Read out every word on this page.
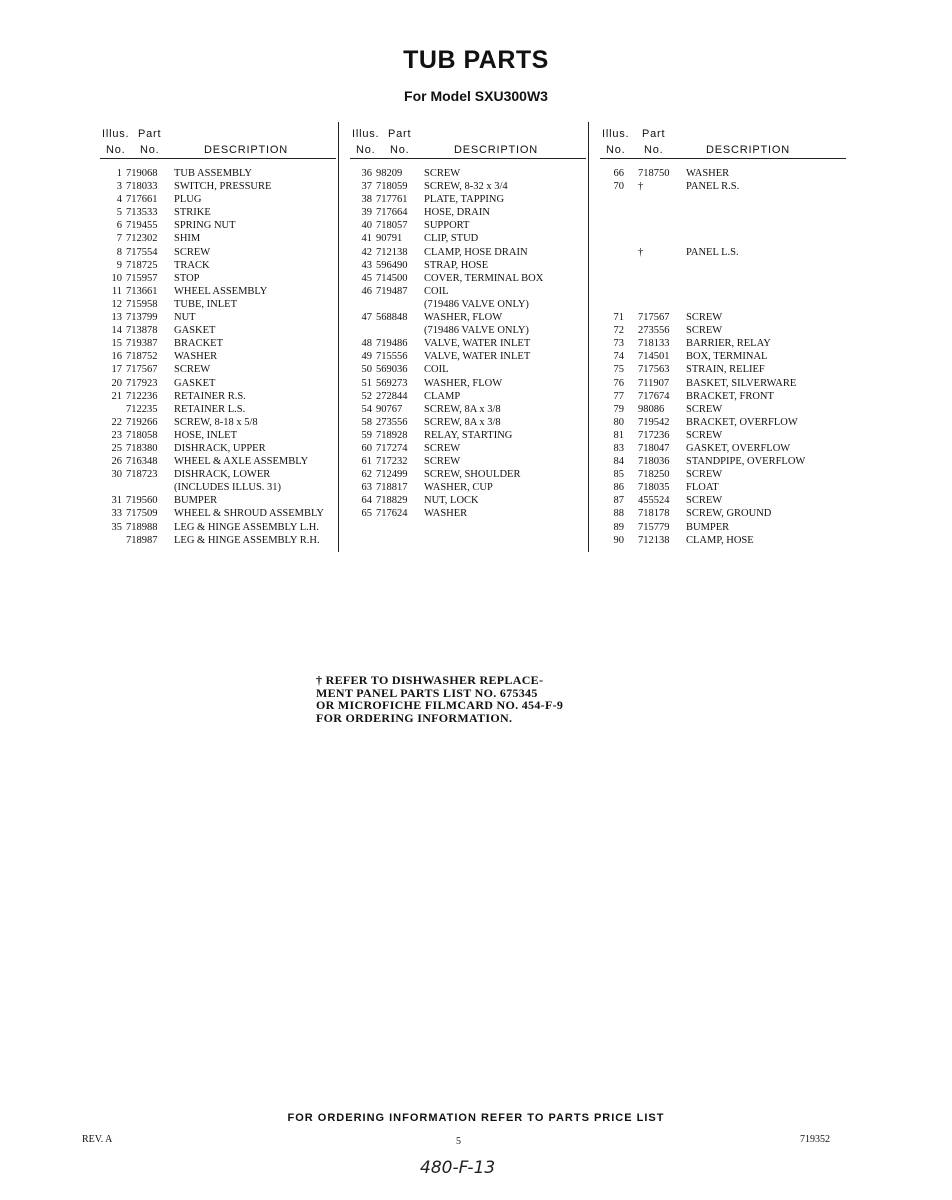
TUB PARTS
For Model SXU300W3
Illus. Part
No. No.	DESCRIPTION
1 719068 TUB ASSEMBLY
3 718033 SWITCH, PRESSURE
4 717661 PLUG
5 713533 STRIKE
6 719455 SPRING NUT
7 712302 SHIM
8 717554 SCREW
9 718725 TRACK
10 715957 STOP
11 713661 WHEEL ASSEMBLY
12 715958 TUBE, INLET
13 713799 NUT
14 713878 GASKET
15 719387 BRACKET
16 718752 WASHER
17 717567 SCREW
20 717923 GASKET
21 712236 RETAINER R.S.
712235 RETAINER L.S.
22 719266 SCREW, 8-18 x 5/8
23 718058 HOSE, INLET
25 718380 DISHRACK, UPPER
26 716348 WHEEL & AXLE ASSEMBLY
30 718723 DISHRACK, LOWER
(INCLUDES ILLUS. 31)
31 719560 BUMPER
33 717509 WHEEL & SHROUD ASSEMBLY
35 718988 LEG & HINGE ASSEMBLY L.H.
718987 LEG & HINGE ASSEMBLY R.H.
Illus. Part
No. No.	DESCRIPTION
36 98209 SCREW
37 718059 SCREW, 8-32 x 3/4
38 717761 PLATE, TAPPING
39 717664 HOSE, DRAIN
40 718057 SUPPORT
41 90791 CLIP, STUD
42 712138 CLAMP, HOSE DRAIN
43 596490 STRAP, HOSE
45 714500 COVER, TERMINAL BOX
46 719487 COIL
(719486 VALVE ONLY)
47 568848 WASHER, FLOW
(719486 VALVE ONLY)
48 719486 VALVE, WATER INLET
49 715556 VALVE, WATER INLET
50 569036 COIL
51 569273 WASHER, FLOW
52 272844 CLAMP
54 90767 SCREW, 8A x 3/8
58 273556 SCREW, 8A x 3/8
59 718928 RELAY, STARTING
60 717274 SCREW
61 717232 SCREW
62 712499 SCREW, SHOULDER
63 718817 WASHER, CUP
64 718829 NUT, LOCK
65 717624 WASHER
Illus. Part
No. No.	DESCRIPTION
66 718750 WASHER
70 †	PANEL R.S.
†	PANEL L.S.
71 717567 SCREW
72 273556 SCREW
73 718133 BARRIER, RELAY
74 714501 BOX, TERMINAL
75 717563 STRAIN, RELIEF
76 711907 BASKET, SILVERWARE
77 717674 BRACKET, FRONT
79 98086 SCREW
80 719542 BRACKET, OVERFLOW
81 717236 SCREW
83 718047 GASKET, OVERFLOW
84 718036 STANDPIPE, OVERFLOW
85 718250 SCREW
86 718035 FLOAT
87 455524 SCREW
88 718178 SCREW, GROUND
89 715779 BUMPER
90 712138 CLAMP, HOSE
† REFER TO DISHWASHER REPLACE-
MENT PANEL PARTS LIST NO. 675345
OR MICROFICHE FILMCARD NO. 454-F-9
FOR ORDERING INFORMATION.
FOR ORDERING INFORMATION REFER TO PARTS PRICE LIST
REV. A	5	719352
480-F-13
